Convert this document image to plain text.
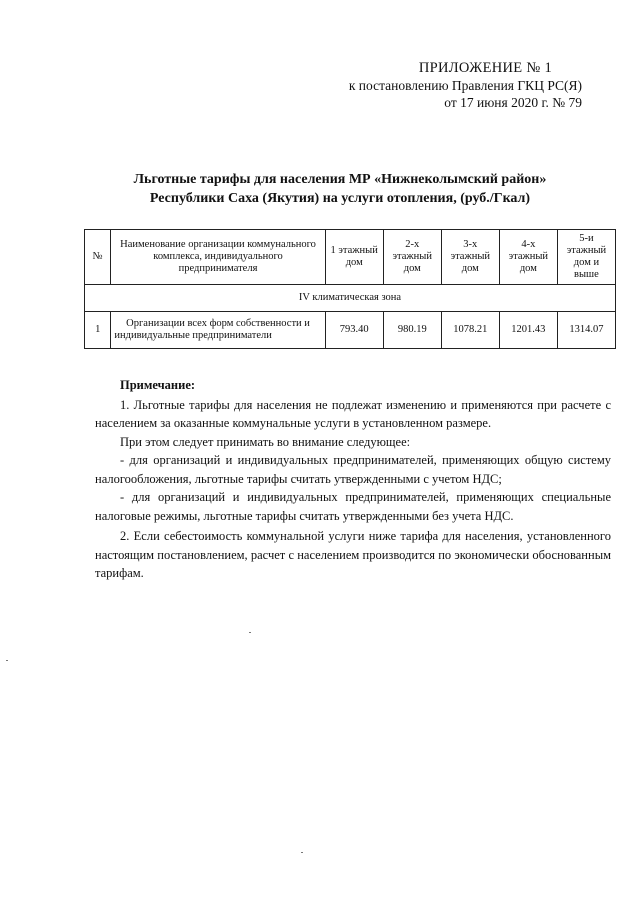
ПРИЛОЖЕНИЕ № 1
к постановлению Правления ГКЦ РС(Я)
от 17 июня 2020 г. № 79
Льготные тарифы для населения МР «Нижнеколымский район»
Республики Саха (Якутия) на услуги отопления, (руб./Гкал)
№	Наименование организации коммунального комплекса, индивидуального предпринимателя	1 этажный дом	2-х этажный дом	3-х этажный дом	4-х этажный дом	5-и этажный дом и выше
IV климатическая зона						
1	Организации всех форм собственности и индивидуальные предприниматели	793.40	980.19	1078.21	1201.43	1314.07

Примечание:

1. Льготные тарифы для населения не подлежат изменению и применяются при расчете с населением за оказанные коммунальные услуги в установленном размере.

При этом следует принимать во внимание следующее:

- для организаций и индивидуальных предпринимателей, применяющих общую систему налогообложения, льготные тарифы считать утвержденными с учетом НДС;

- для организаций и индивидуальных предпринимателей, применяющих специальные налоговые режимы, льготные тарифы считать утвержденными без учета НДС.

2. Если себестоимость коммунальной услуги ниже тарифа для населения, установленного настоящим постановлением, расчет с населением производится по экономически обоснованным тарифам.
